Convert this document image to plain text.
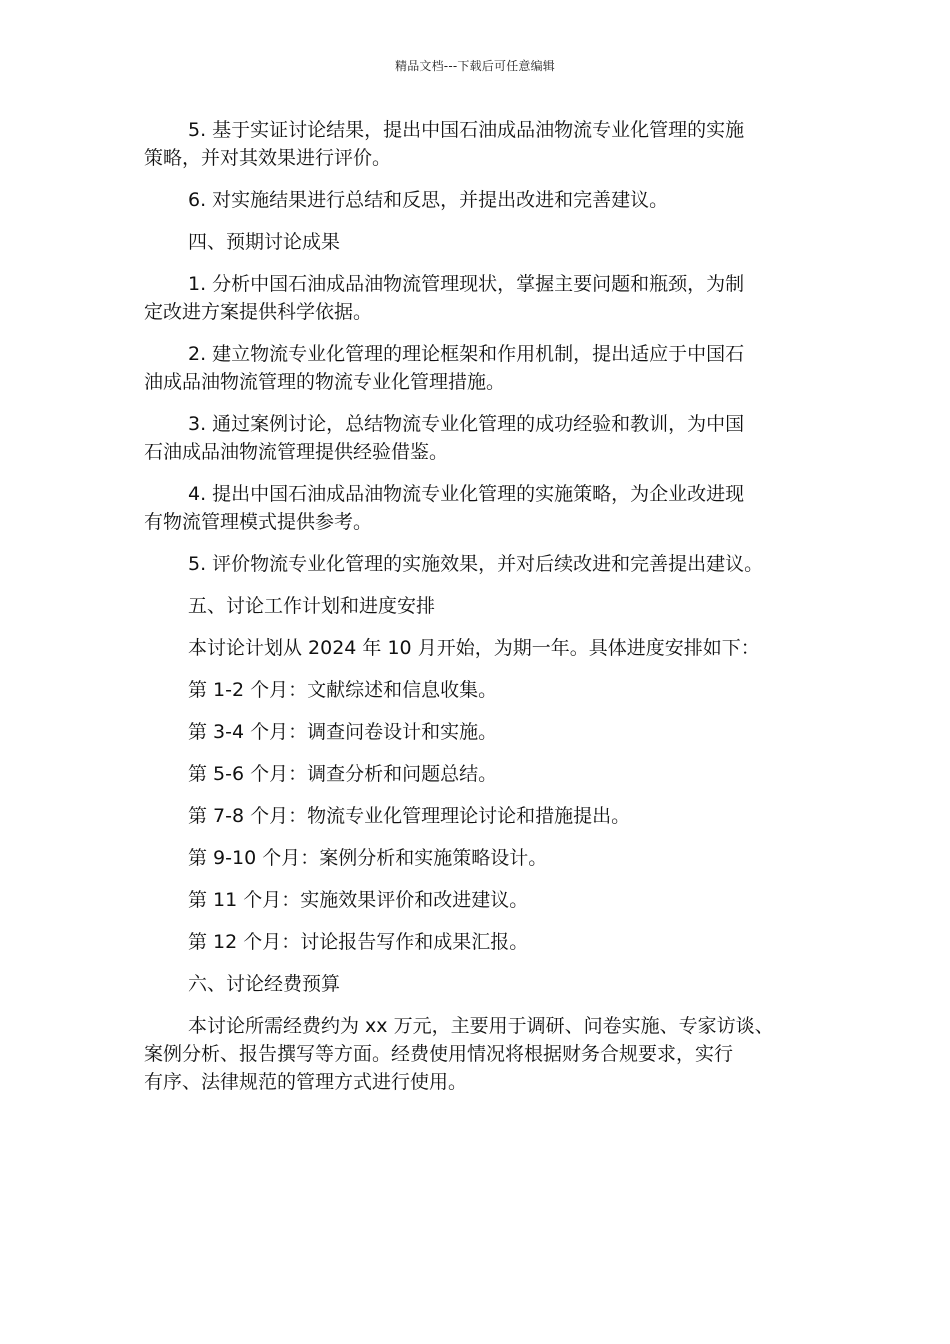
精品文档---下载后可任意编辑

5. 基于实证讨论结果，提出中国石油成品油物流专业化管理的实施
策略，并对其效果进行评价。

6. 对实施结果进行总结和反思，并提出改进和完善建议。

四、预期讨论成果

1. 分析中国石油成品油物流管理现状，掌握主要问题和瓶颈，为制
定改进方案提供科学依据。

2. 建立物流专业化管理的理论框架和作用机制，提出适应于中国石
油成品油物流管理的物流专业化管理措施。

3. 通过案例讨论，总结物流专业化管理的成功经验和教训，为中国
石油成品油物流管理提供经验借鉴。

4. 提出中国石油成品油物流专业化管理的实施策略，为企业改进现
有物流管理模式提供参考。

5. 评价物流专业化管理的实施效果，并对后续改进和完善提出建议。

五、讨论工作计划和进度安排

本讨论计划从 2024 年 10 月开始，为期一年。具体进度安排如下：

第 1-2 个月：文献综述和信息收集。

第 3-4 个月：调查问卷设计和实施。

第 5-6 个月：调查分析和问题总结。

第 7-8 个月：物流专业化管理理论讨论和措施提出。

第 9-10 个月：案例分析和实施策略设计。

第 11 个月：实施效果评价和改进建议。

第 12 个月：讨论报告写作和成果汇报。

六、讨论经费预算

本讨论所需经费约为 xx 万元，主要用于调研、问卷实施、专家访谈、
案例分析、报告撰写等方面。经费使用情况将根据财务合规要求，实行
有序、法律规范的管理方式进行使用。
